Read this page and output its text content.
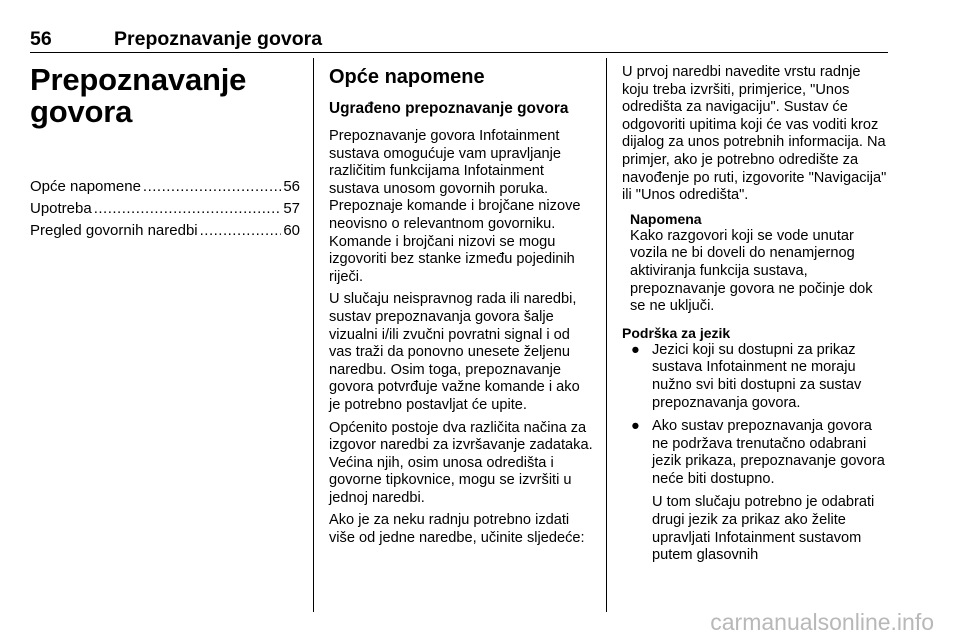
56	Prepoznavanje govora
Prepoznavanje govora
Opće napomene .....	56
Upotreba .....	57
Pregled govornih naredbi .....	60
Opće napomene
Ugrađeno prepoznavanje govora

Prepoznavanje govora Infotainment sustava omogućuje vam upravljanje različitim funkcijama Infotainment sustava unosom govornih poruka. Prepoznaje komande i brojčane nizove neovisno o relevantnom govorniku. Komande i brojčani nizovi se mogu izgovoriti bez stanke između pojedinih riječi.

U slučaju neispravnog rada ili naredbi, sustav prepoznavanja govora šalje vizualni i/ili zvučni povratni signal i od vas traži da ponovno unesete željenu naredbu. Osim toga, prepoznavanje govora potvrđuje važne komande i ako je potrebno postavljat će upite.

Općenito postoje dva različita načina za izgovor naredbi za izvršavanje zadataka. Većina njih, osim unosa odredišta i govorne tipkovnice, mogu se izvršiti u jednoj naredbi.

Ako je za neku radnju potrebno izdati više od jedne naredbe, učinite sljedeće:

U prvoj naredbi navedite vrstu radnje koju treba izvršiti, primjerice, "Unos odredišta za navigaciju". Sustav će odgovoriti upitima koji će vas voditi kroz dijalog za unos potrebnih informacija. Na primjer, ako je potrebno odredište za navođenje po ruti, izgovorite "Navigacija" ili "Unos odredišta".

Napomena
Kako razgovori koji se vode unutar vozila ne bi doveli do nenamjernog aktiviranja funkcija sustava, prepoznavanje govora ne počinje dok se ne uključi.
Podrška za jezik
● Jezici koji su dostupni za prikaz sustava Infotainment ne moraju nužno svi biti dostupni za sustav prepoznavanja govora.
● Ako sustav prepoznavanja govora ne podržava trenutačno odabrani jezik prikaza, prepoznavanje govora neće biti dostupno.
U tom slučaju potrebno je odabrati drugi jezik za prikaz ako želite upravljati Infotainment sustavom putem glasovnih
carmanualsonline.info
